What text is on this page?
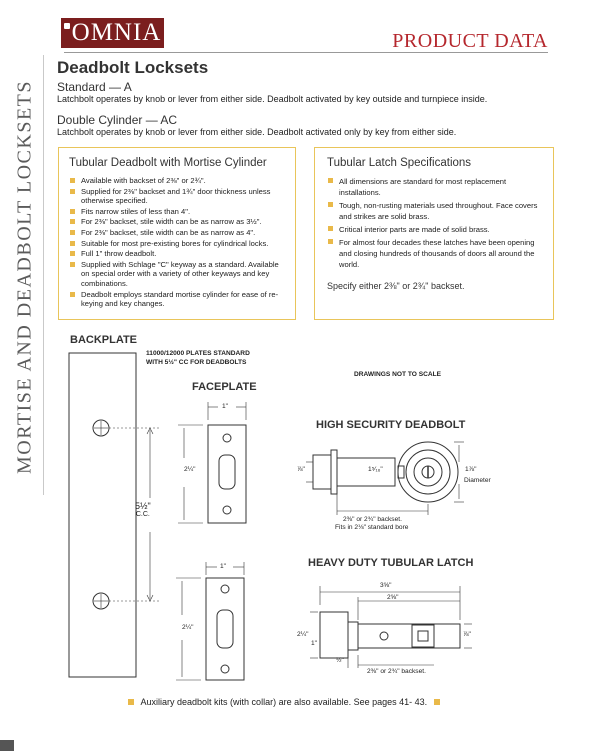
OMNIA	PRODUCT DATA
MORTISE AND DEADBOLT LOCKSETS
Deadbolt Locksets
Standard — A
Latchbolt operates by knob or lever from either side. Deadbolt activated by key outside and turnpiece inside.
Double Cylinder — AC
Latchbolt operates by knob or lever from either side. Deadbolt activated only by key from either side.
Tubular Deadbolt with Mortise Cylinder
Available with backset of 2⅜" or 2¾".
Supplied for 2⅜" backset and 1¾" door thickness unless otherwise specified.
Fits narrow stiles of less than 4".
For 2⅜" backset, stile width can be as narrow as 3½".
For 2⅜" backset, stile width can be as narrow as 4".
Suitable for most pre-existing bores for cylindrical locks.
Full 1" throw deadbolt.
Supplied with Schlage "C" keyway as a standard. Available on special order with a variety of other keyways and key combinations.
Deadbolt employs standard mortise cylinder for ease of re-keying and key changes.
Tubular Latch Specifications
All dimensions are standard for most replacement installations.
Tough, non-rusting materials used throughout. Face covers and strikes are solid brass.
Critical interior parts are made of solid brass.
For almost four decades these latches have been opening and closing hundreds of thousands of doors all around the world.
Specify either 2⅜" or 2¾" backset.
BACKPLATE
11000/12000 PLATES STANDARD
WITH 5½" CC FOR DEADBOLTS
FACEPLATE
DRAWINGS NOT TO SCALE
HIGH SECURITY DEADBOLT
HEAVY DUTY TUBULAR LATCH
5½"
C.C.
1"
1"
2¼"
2¼"
⅞"	1⁵⁄₁₆"	1⅞"
Diameter
2⅜" or 2¾" backset.
Fits in 2⅛" standard bore
3⅝"
2⅝"
2¼"
1"
⅞"
½"
2⅜" or 2¾" backset.
Auxiliary deadbolt kits (with collar) are also available. See pages 41- 43.
